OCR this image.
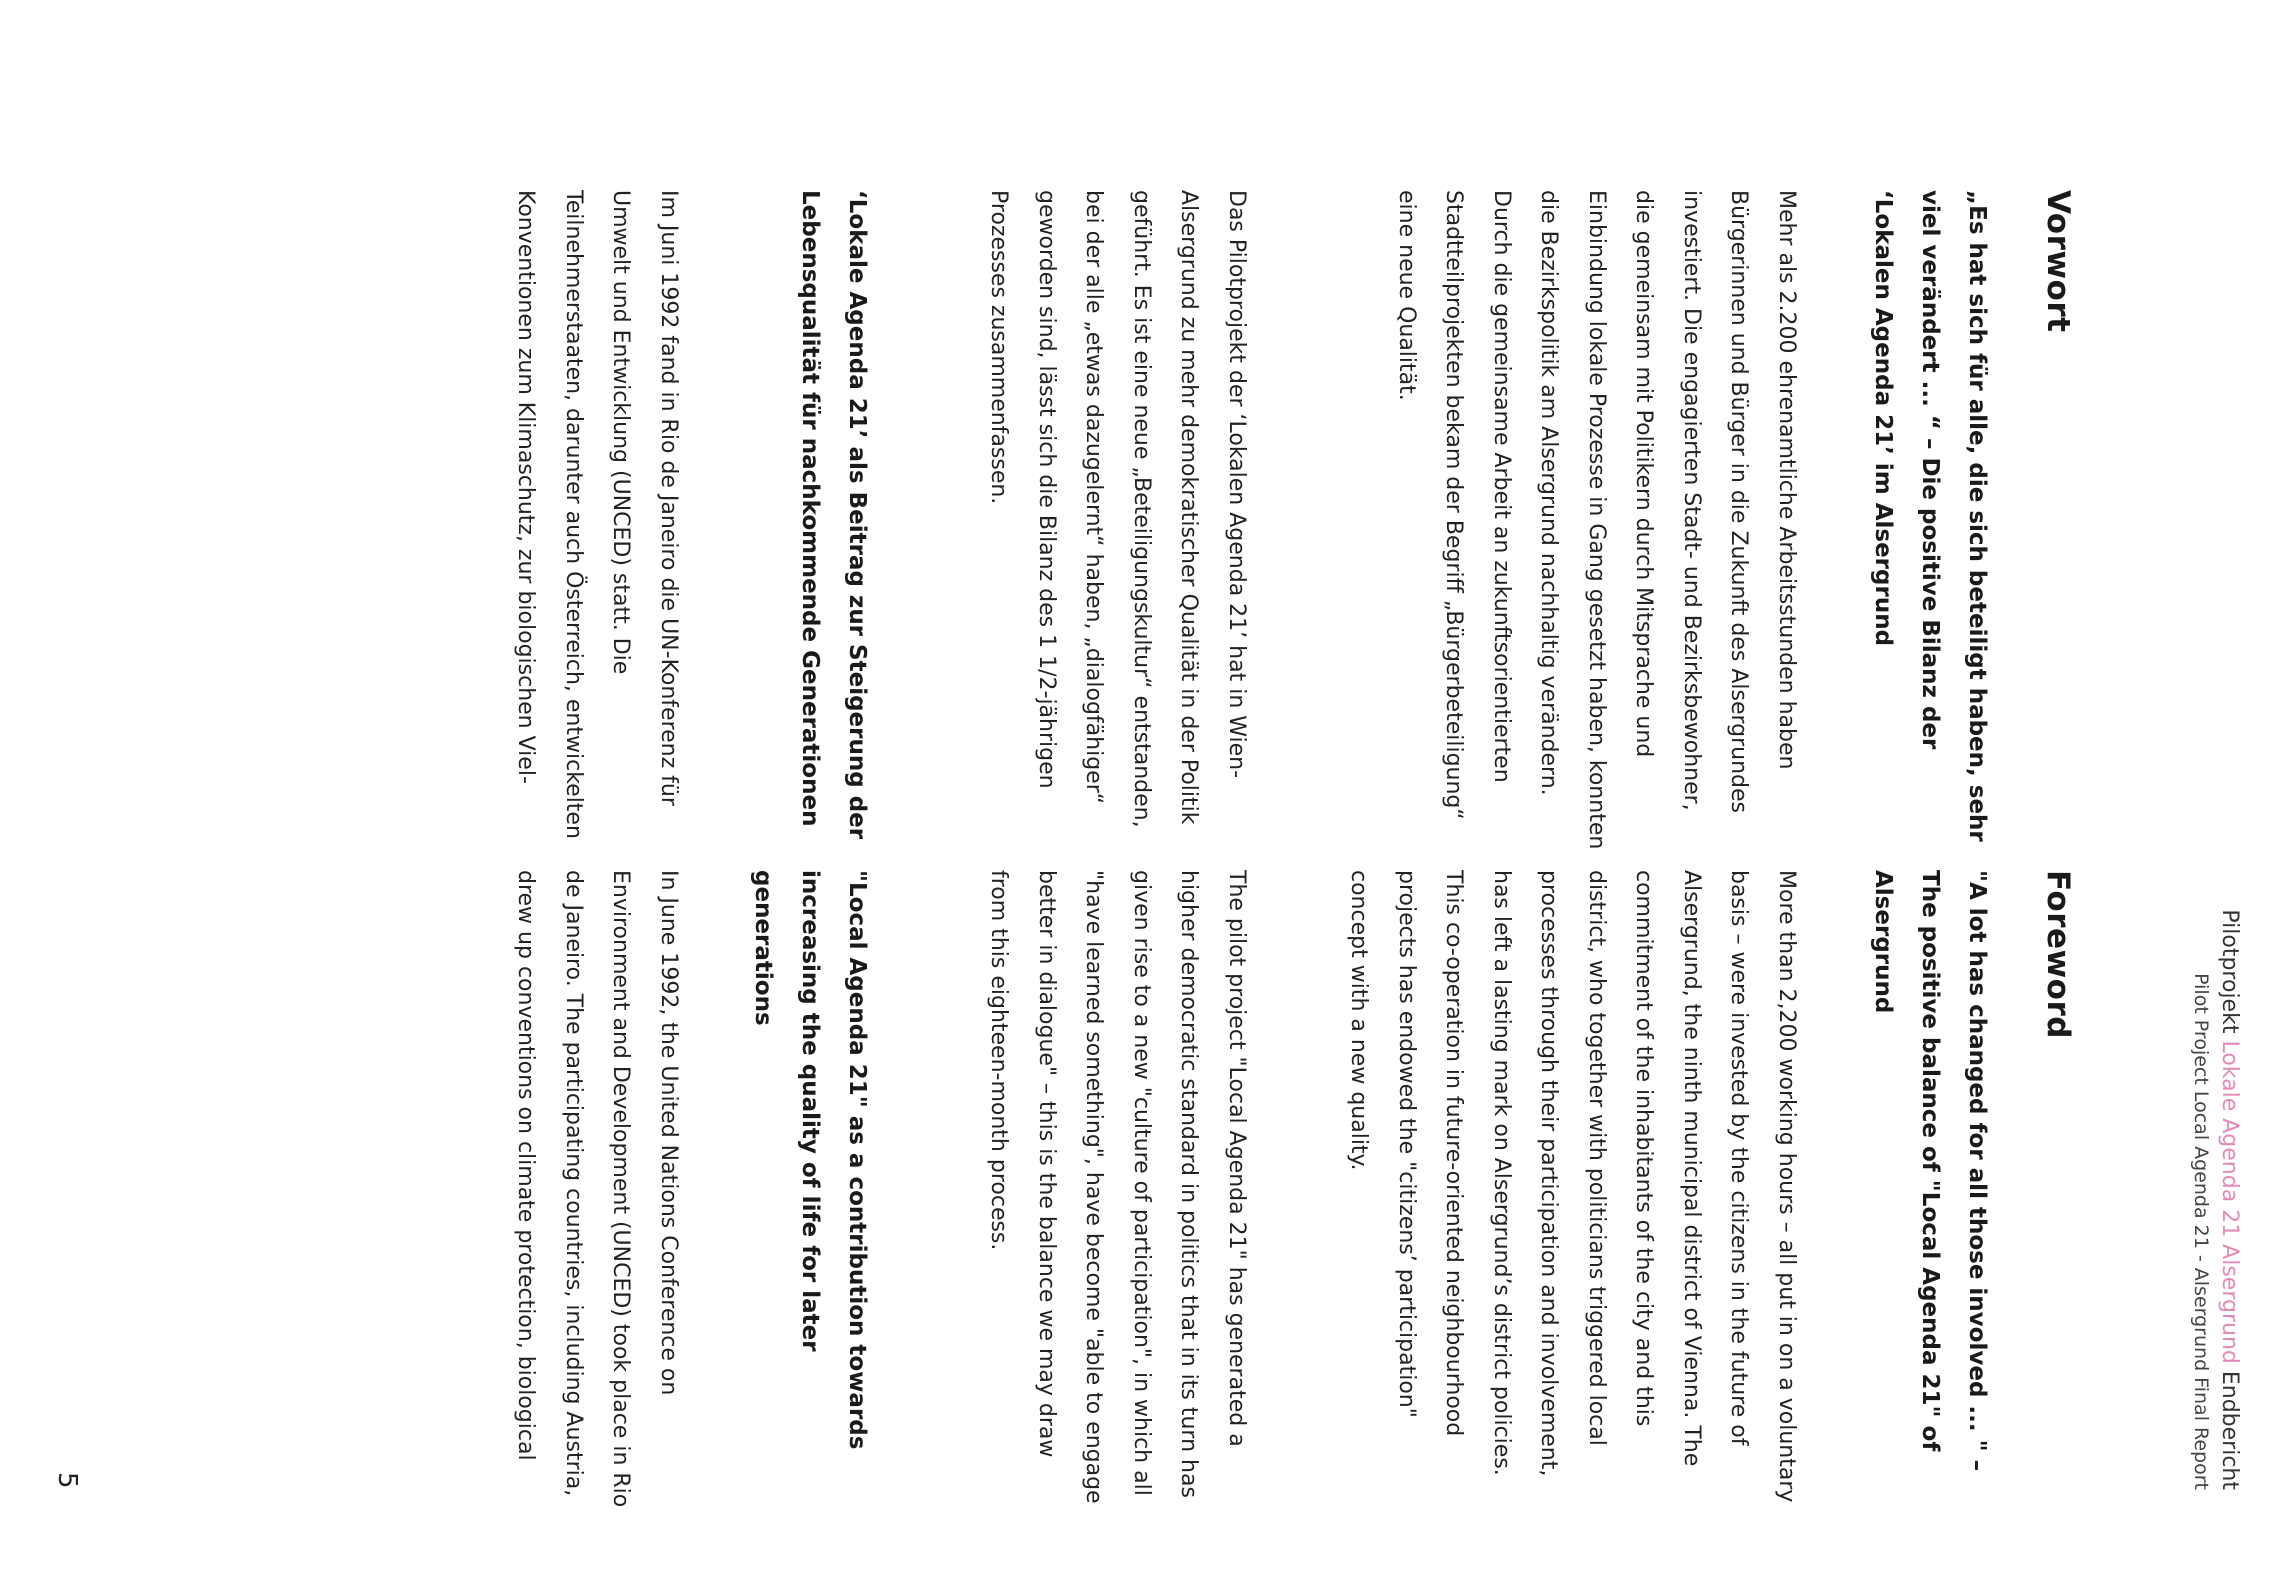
Pilotprojekt Lokale Agenda 21 Alsergrund Endbericht
Pilot Project Local Agenda 21 - Alsergrund Final Report
Vorwort
„Es hat sich für alle, die sich beteiligt haben, sehr viel verändert ... “ – Die positive Bilanz der ‘Lokalen Agenda 21’ im Alsergrund

Mehr als 2.200 ehrenamtliche Arbeitsstunden haben Bürgerinnen und Bürger in die Zukunft des Alsergrundes investiert. Die engagierten Stadt- und Bezirksbewohner, die gemeinsam mit Politikern durch Mitsprache und Einbindung lokale Prozesse in Gang gesetzt haben, konnten die Bezirkspolitik am Alsergrund nachhaltig verändern. Durch die gemeinsame Arbeit an zukunftsorientierten Stadtteilprojekten bekam der Begriff „Bürgerbeteiligung“ eine neue Qualität.

Das Pilotprojekt der ‘Lokalen Agenda 21’ hat in Wien-Alsergrund zu mehr demokratischer Qualität in der Politik geführt. Es ist eine neue „Beteiligungskultur“ entstanden, bei der alle „etwas dazugelernt“ haben, „dialogfähiger“ geworden sind, lässt sich die Bilanz des 1 1/2-jährigen Prozesses zusammenfassen.

‘Lokale Agenda 21’ als Beitrag zur Steigerung der Lebensqualität für nachkommende Generationen

Im Juni 1992 fand in Rio de Janeiro die UN-Konferenz für Umwelt und Entwicklung (UNCED) statt. Die Teilnehmerstaaten, darunter auch Österreich, entwickelten Konventionen zum Klimaschutz, zur biologischen Viel-

Foreword
"A lot has changed for all those involved ... " – The positive balance of "Local Agenda 21" of Alsergrund

More than 2,200 working hours – all put in on a voluntary basis – were invested by the citizens in the future of Alsergrund, the ninth municipal district of Vienna. The commitment of the inhabitants of the city and this district, who together with politicians triggered local processes through their participation and involvement, has left a lasting mark on Alsergrund’s district policies. This co-operation in future-oriented neighbourhood projects has endowed the "citizens’ participation" concept with a new quality.

The pilot project "Local Agenda 21" has generated a higher democratic standard in politics that in its turn has given rise to a new "culture of participation", in which all "have learned something", have become "able to engage better in dialogue" – this is the balance we may draw from this eighteen-month process.

"Local Agenda 21" as a contribution towards increasing the quality of life for later generations

In June 1992, the United Nations Conference on Environment and Development (UNCED) took place in Rio de Janeiro. The participating countries, including Austria, drew up conventions on climate protection, biological

5
